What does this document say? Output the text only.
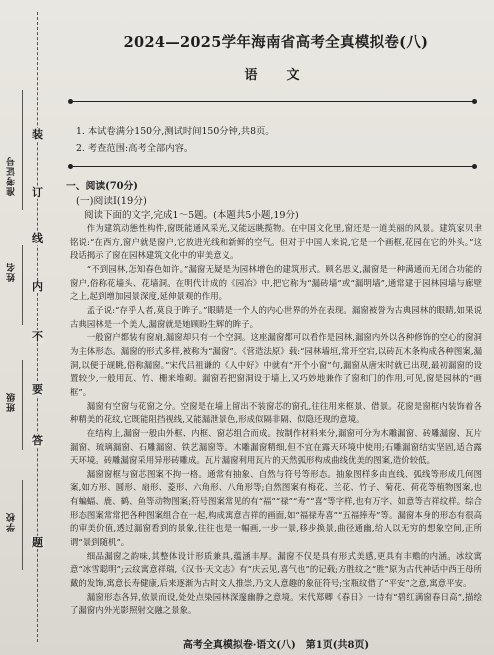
装
订
线
内
不
要
答
题
准考证号
姓名
班级
学校
2024—2025学年海南省高考全真模拟卷(八)
语　文
1. 本试卷满分150分,测试时间150分钟,共8页。
2. 考查范围:高考全部内容。
一、阅读(70分)
(一)阅读Ⅰ(19分)
阅读下面的文字,完成1～5题。(本题共5小题,19分)

作为建筑动態性构件,窗既能通风采光,又能远眺揽物。在中国文化里,窗还是一道美丽的风景。建筑家贝聿铭说:“在西方,窗户就是窗户,它放进光线和新鲜的空气。但对于中国人来说,它是一个画框,花园在它的外头。”这段话揭示了窗在园林建筑文化中的审美意义。

“不到园林,怎知春色如许。”漏窗无疑是为园林增色的建筑形式。顾名思义,漏窗是一种满通而无闭合功能的窗户,俗称花墙头、花墙洞。在明代计成的《园冶》中,把它称为“漏砖墙”或“漏明墙”,通常建于园林园墙与廊壁之上,起到增加园景深度,延伸景观的作用。

孟子说:“存乎人者,莫良于眸子。”眼睛是一个人的内心世界的外在表现。漏窗被誉为古典园林的眼睛,如果说古典园林是一个美人,漏窗就是她顾盼生辉的眸子。

一般窗户都装有窗扇,漏窗却只有一个空洞。这座漏窗都可以看作是园林,漏窗内外以各种修饰的空心的窗洞为主体形态。漏窗的形式多样,被称为“漏窗”。《营造法原》载:“园林墙垣,常开空宕,以砖瓦木条构成各种图案,漏洞,以便于觇眺,俗称漏窗。”宋代吕祖谦的《人中好》中就有“开个小窗”句,漏窗从唐宋时就已出现,最初漏窗的设置较少,一般用瓦、竹、栅来堆砌。漏窗若把窗洞设于墙上,又巧妙地兼作了窗和门的作用,可见,窗是园林的“画框”。

漏窗有空窗与花窗之分。空窗是在墙上留出不装窗芯的窗孔,往往用来框景、借景。花窗是窗框内装饰着各种精美的花纹,它既能阻挡视线,又能漏泄景色,形成似隔非隔、似隐还现的意境。

在结构上,漏窗一般由外框、内框、窗芯组合而成。按制作材料来分,漏窗可分为木雕漏窗、砖雕漏窗、瓦片漏窗、琉璃漏窗、石雕漏窗、铁艺漏窗等。木雕漏窗精细,但不宜在露天环境中使用;石雕漏窗结实坚固,适合露天环境。砖雕漏窗采用异形砖雕成。瓦片漏窗利用瓦片的天然弧形构成曲线优美的图案,造价较低。

漏窗窗框与窗芯图案不拘一格。通常有抽象、自然与符号等形态。抽象图样多由直线、弧线等形成几何图案,如方形、圆形、扇形、菱形、六角形、八角形等;自然图案有梅花、兰花、竹子、菊花、荷花等植物图案,也有蝙蝠、鹿、鹤、鱼等动物图案;符号图案常见的有“福”“禄”“寿”“喜”等字样,也有万字、如意等吉祥纹样。综合形态图案常常把各种图案组合在一起,构成寓意吉祥的画面,如“福禄寿喜”“五福捧寿”等。漏窗本身的形态有很高的审美价值,透过漏窗看到的景象,往往也是一幅画,一步一景,移步换景,曲径通幽,给人以无穷的想象空间,正所谓“景到随机”。

细品漏窗之韵味,其整体设计形质兼具,蕴涵丰厚。漏窗不仅是具有形式美感,更具有丰赡的内涵。冰纹寓意“冰雪聪明”;云纹寓意祥瑞,《汉书·天文志》有“庆云见,喜气也”的记载;方胜纹之“胜”原为古代神话中西王母所戴的发饰,寓意长寿健康,后来逐渐为古时文人推崇,乃文人意趣的象征符号;宝瓶纹借了“平安”之意,寓意平安。

漏窗形态各异,依景而设,处处点染园林深邃幽静之意境。宋代郑卿《春日》一诗有“碧红满窗春日高”,描绘了漏窗内外光影照射交融之景象。

高考全真模拟卷·语文(八)　第1页(共8页)
